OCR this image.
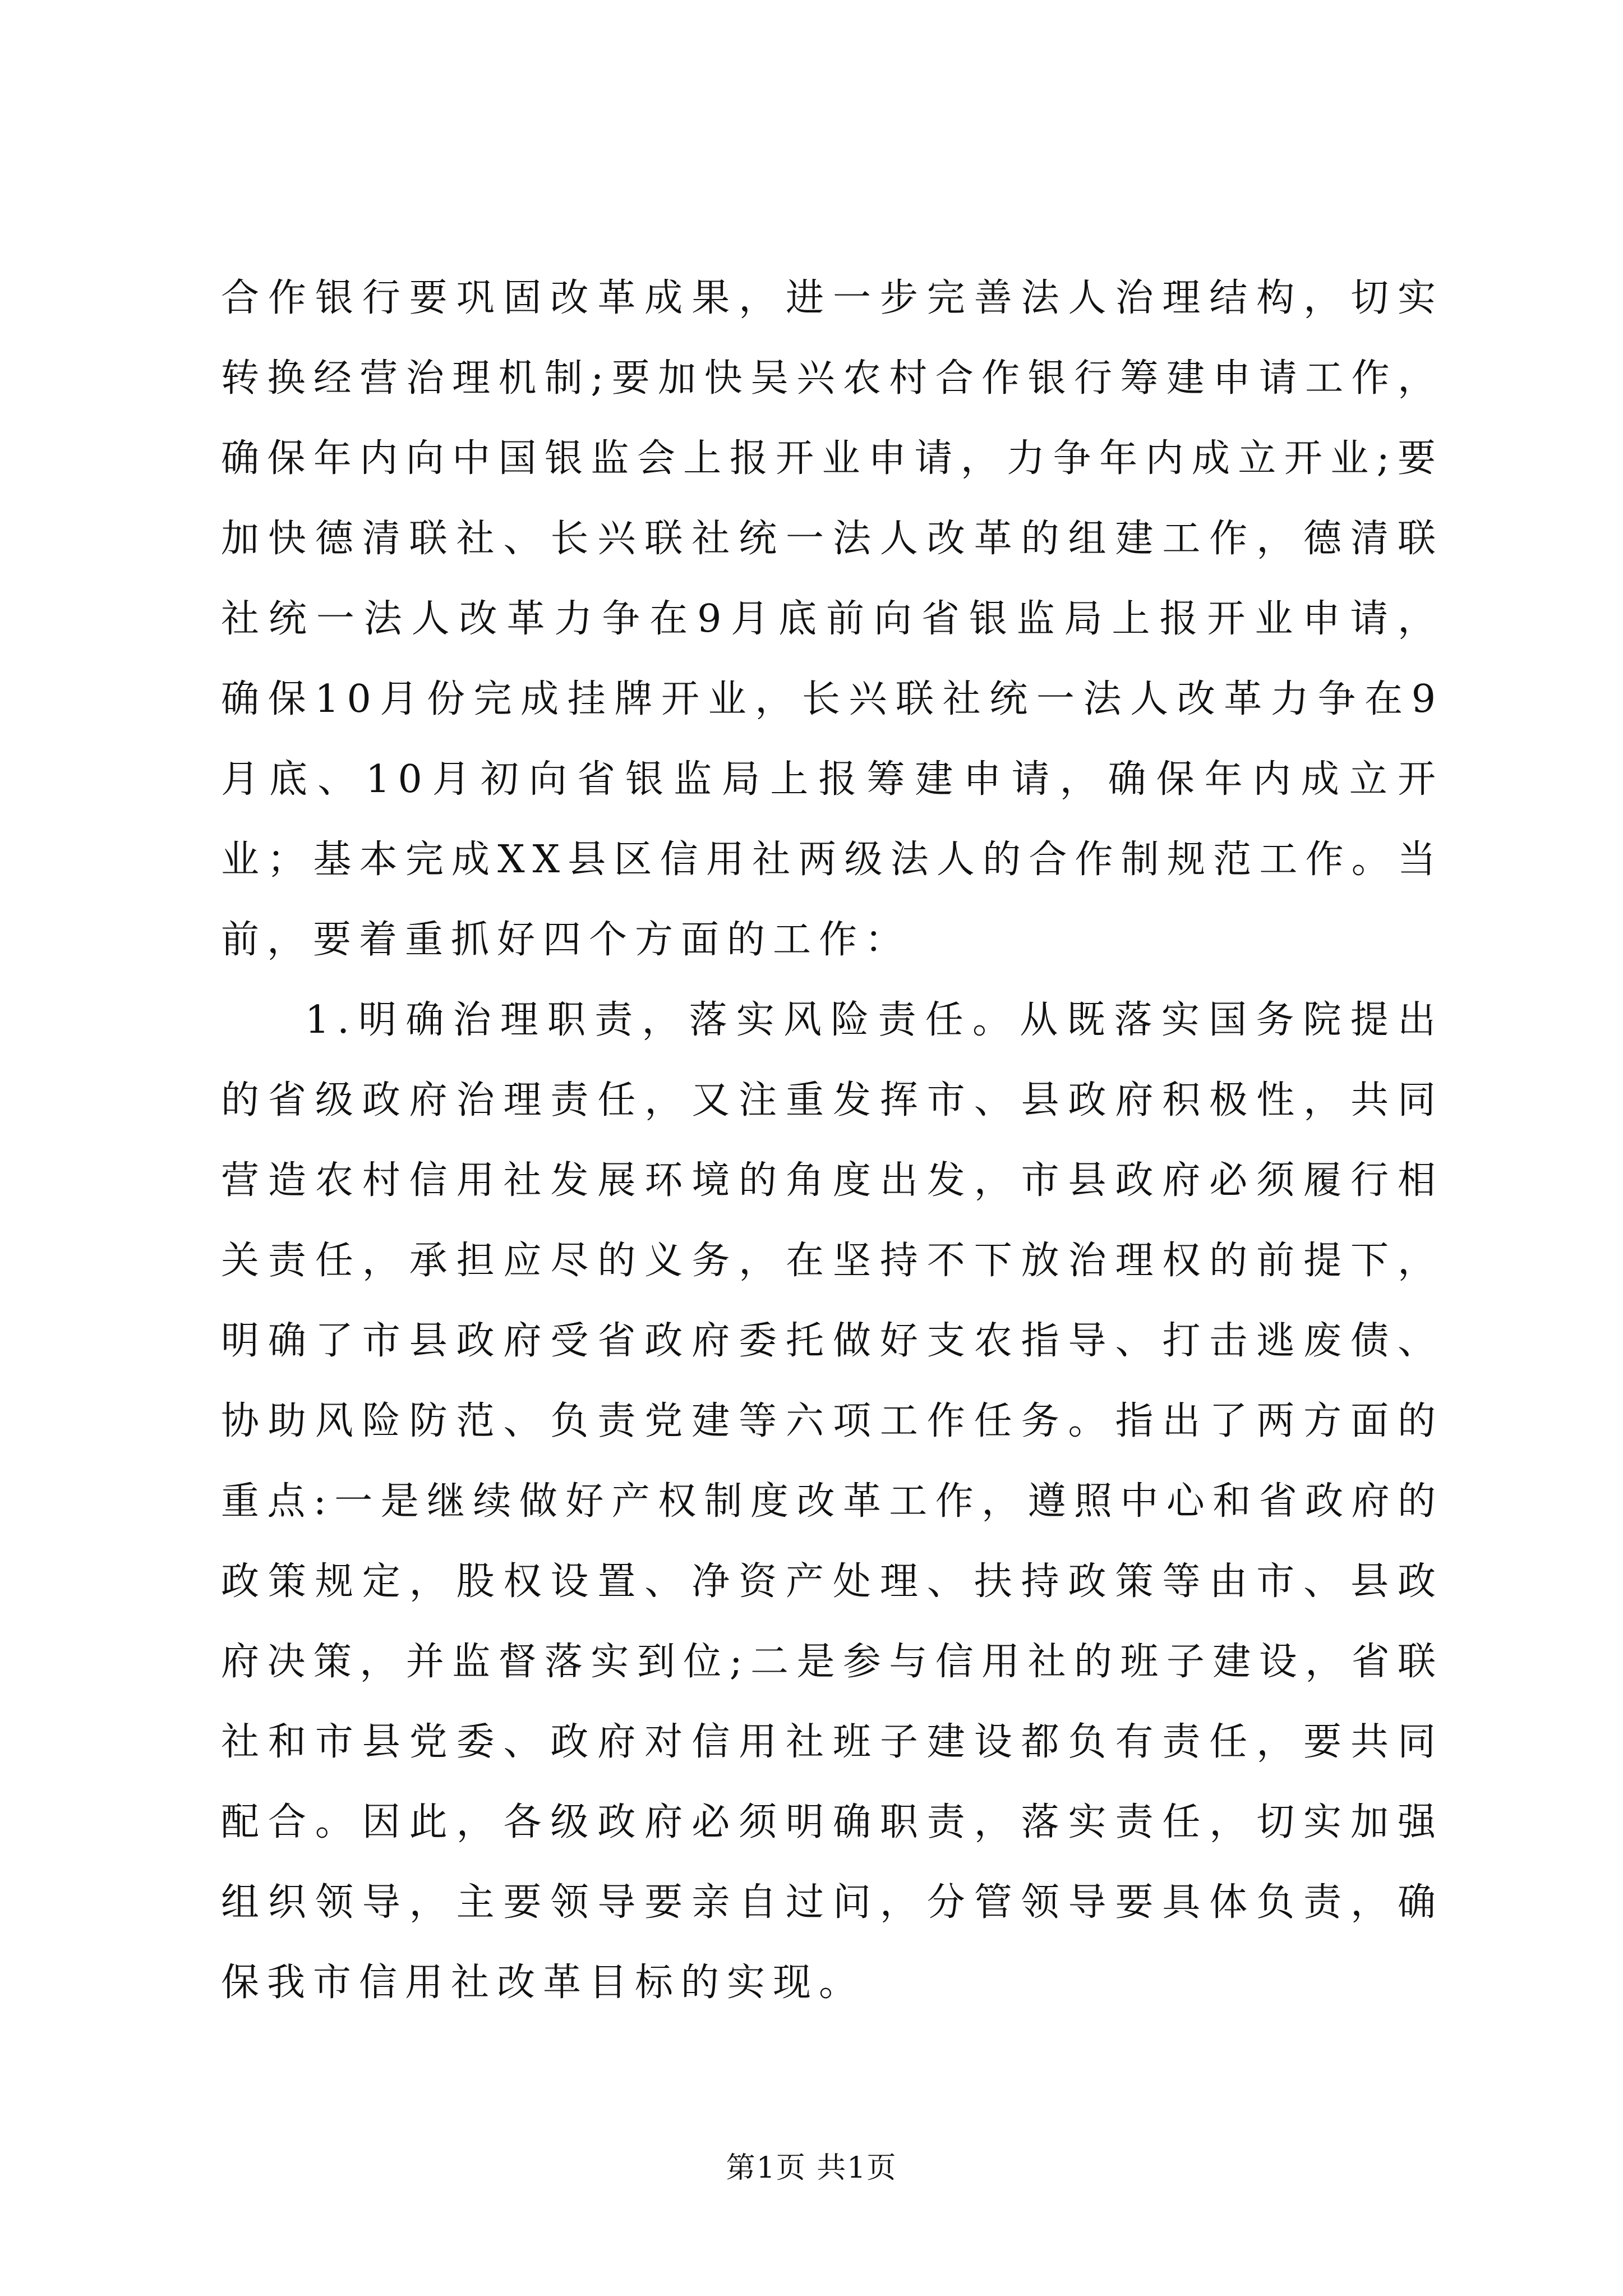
合作银行要巩固改革成果，进一步完善法人治理结构，切实转换经营治理机制;要加快吴兴农村合作银行筹建申请工作，确保年内向中国银监会上报开业申请，力争年内成立开业;要加快德清联社、长兴联社统一法人改革的组建工作，德清联社统一法人改革力争在9月底前向省银监局上报开业申请，确保10月份完成挂牌开业，长兴联社统一法人改革力争在9月底、10月初向省银监局上报筹建申请，确保年内成立开业；基本完成XX县区信用社两级法人的合作制规范工作。当前，要着重抓好四个方面的工作：

1.明确治理职责，落实风险责任。从既落实国务院提出的省级政府治理责任，又注重发挥市、县政府积极性，共同营造农村信用社发展环境的角度出发，市县政府必须履行相关责任，承担应尽的义务，在坚持不下放治理权的前提下，明确了市县政府受省政府委托做好支农指导、打击逃废债、协助风险防范、负责党建等六项工作任务。指出了两方面的重点:一是继续做好产权制度改革工作，遵照中心和省政府的政策规定，股权设置、净资产处理、扶持政策等由市、县政府决策，并监督落实到位;二是参与信用社的班子建设，省联社和市县党委、政府对信用社班子建设都负有责任，要共同配合。因此，各级政府必须明确职责，落实责任，切实加强组织领导，主要领导要亲自过问，分管领导要具体负责，确保我市信用社改革目标的实现。

第1页 共1页
